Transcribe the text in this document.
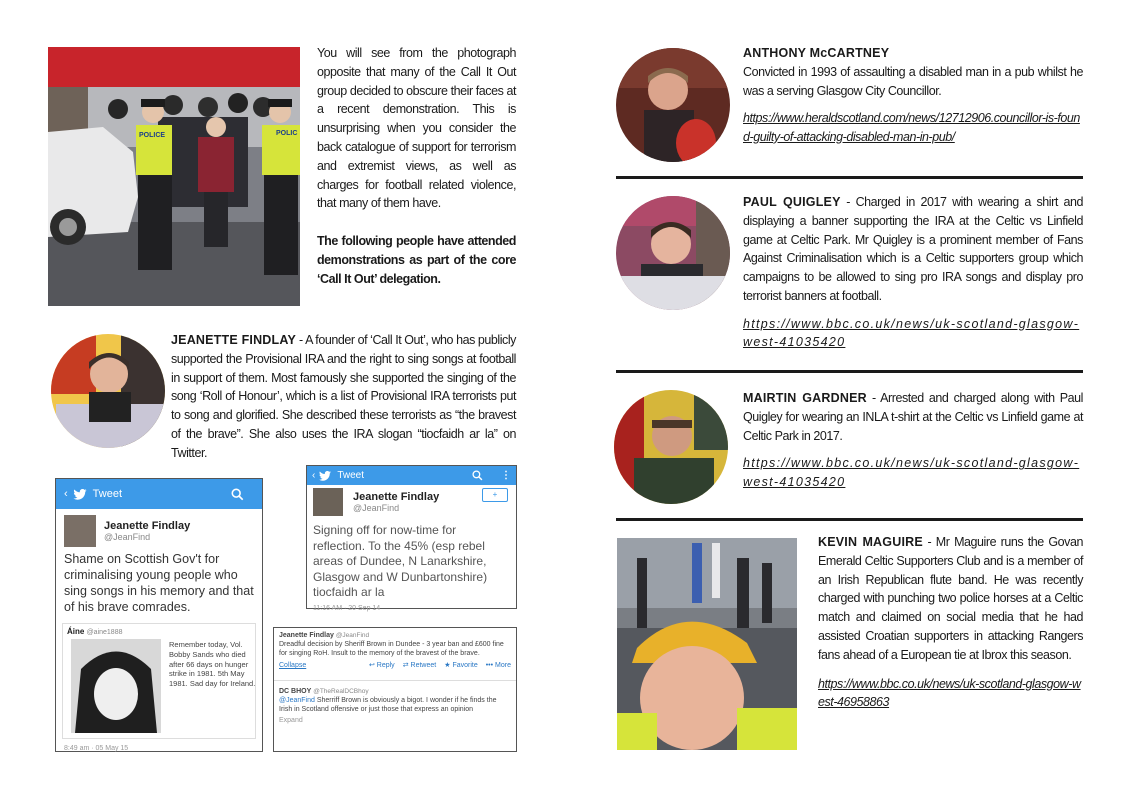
POLICE	POLIC
You will see from the photograph opposite that many of the Call It Out group decided to obscure their faces at a recent demonstration. This is unsurprising when you consider the back catalogue of support for terrorism and extremist views, as well as charges for football related violence, that many of them have.
The following people have attended demonstrations as part of the core ‘Call It Out’ delegation.
JEANETTE FINDLAY - A founder of ‘Call It Out’, who has publicly supported the Provisional IRA and the right to sing songs at football in support of them. Most famously she supported the singing of the song ‘Roll of Honour’, which is a list of Provisional IRA terrorists put to song and glorified. She described these terrorists as “the bravest of the brave”. She also uses the IRA slogan “tiocfaidh ar la” on Twitter.
‹ Tweet
Jeanette Findlay
@JeanFind
Shame on Scottish Gov't for criminalising young people who sing songs in his memory and that of his brave comrades.
Áine @aine1888
Remember today, Vol. Bobby Sands who died after 66 days on hunger strike in 1981. 5th May 1981. Sad day for Ireland.
8:49 am · 05 May 15
‹ Tweet	⋮
Jeanette Findlay
@JeanFind
+
Signing off for now-time for reflection. To the 45% (esp rebel areas of Dundee, N Lanarkshire, Glasgow and W Dunbartonshire) tiocfaidh ar la
11:16 AM · 20 Sep 14
Jeanette Findlay @JeanFind
Dreadful decision by Sheriff Brown in Dundee - 3 year ban and £600 fine for singing RoH. Insult to the memory of the bravest of the brave.
Collapse	↩ Reply ⇄ Retweet ★ Favorite ••• More
DC BHOY @TheRealDCBhoy
@JeanFind Sherriff Brown is obviously a bigot. I wonder if he finds the Irish in Scotland offensive or just those that express an opinion
Expand
ANTHONY McCARTNEY
Convicted in 1993 of assaulting a disabled man in a pub whilst he was a serving Glasgow City Councillor.
https://www.heraldscotland.com/news/12712906.councillor-is-found-guilty-of-attacking-disabled-man-in-pub/
PAUL QUIGLEY - Charged in 2017 with wearing a shirt and displaying a banner supporting the IRA at the Celtic vs Linfield game at Celtic Park. Mr Quigley is a prominent member of Fans Against Criminalisation which is a Celtic supporters group which campaigns to be allowed to sing pro IRA songs and display pro terrorist banners at football.
https://www.bbc.co.uk/news/uk-scotland-glasgow-west-41035420
MAIRTIN GARDNER - Arrested and charged along with Paul Quigley for wearing an INLA t-shirt at the Celtic vs Linfield game at Celtic Park in 2017.
https://www.bbc.co.uk/news/uk-scotland-glasgow-west-41035420
KEVIN MAGUIRE - Mr Maguire runs the Govan Emerald Celtic Supporters Club and is a member of an Irish Republican flute band. He was recently charged with punching two police horses at a Celtic match and claimed on social media that he had assisted Croatian supporters in attacking Rangers fans ahead of a European tie at Ibrox this season.
https://www.bbc.co.uk/news/uk-scotland-glasgow-west-46958863
